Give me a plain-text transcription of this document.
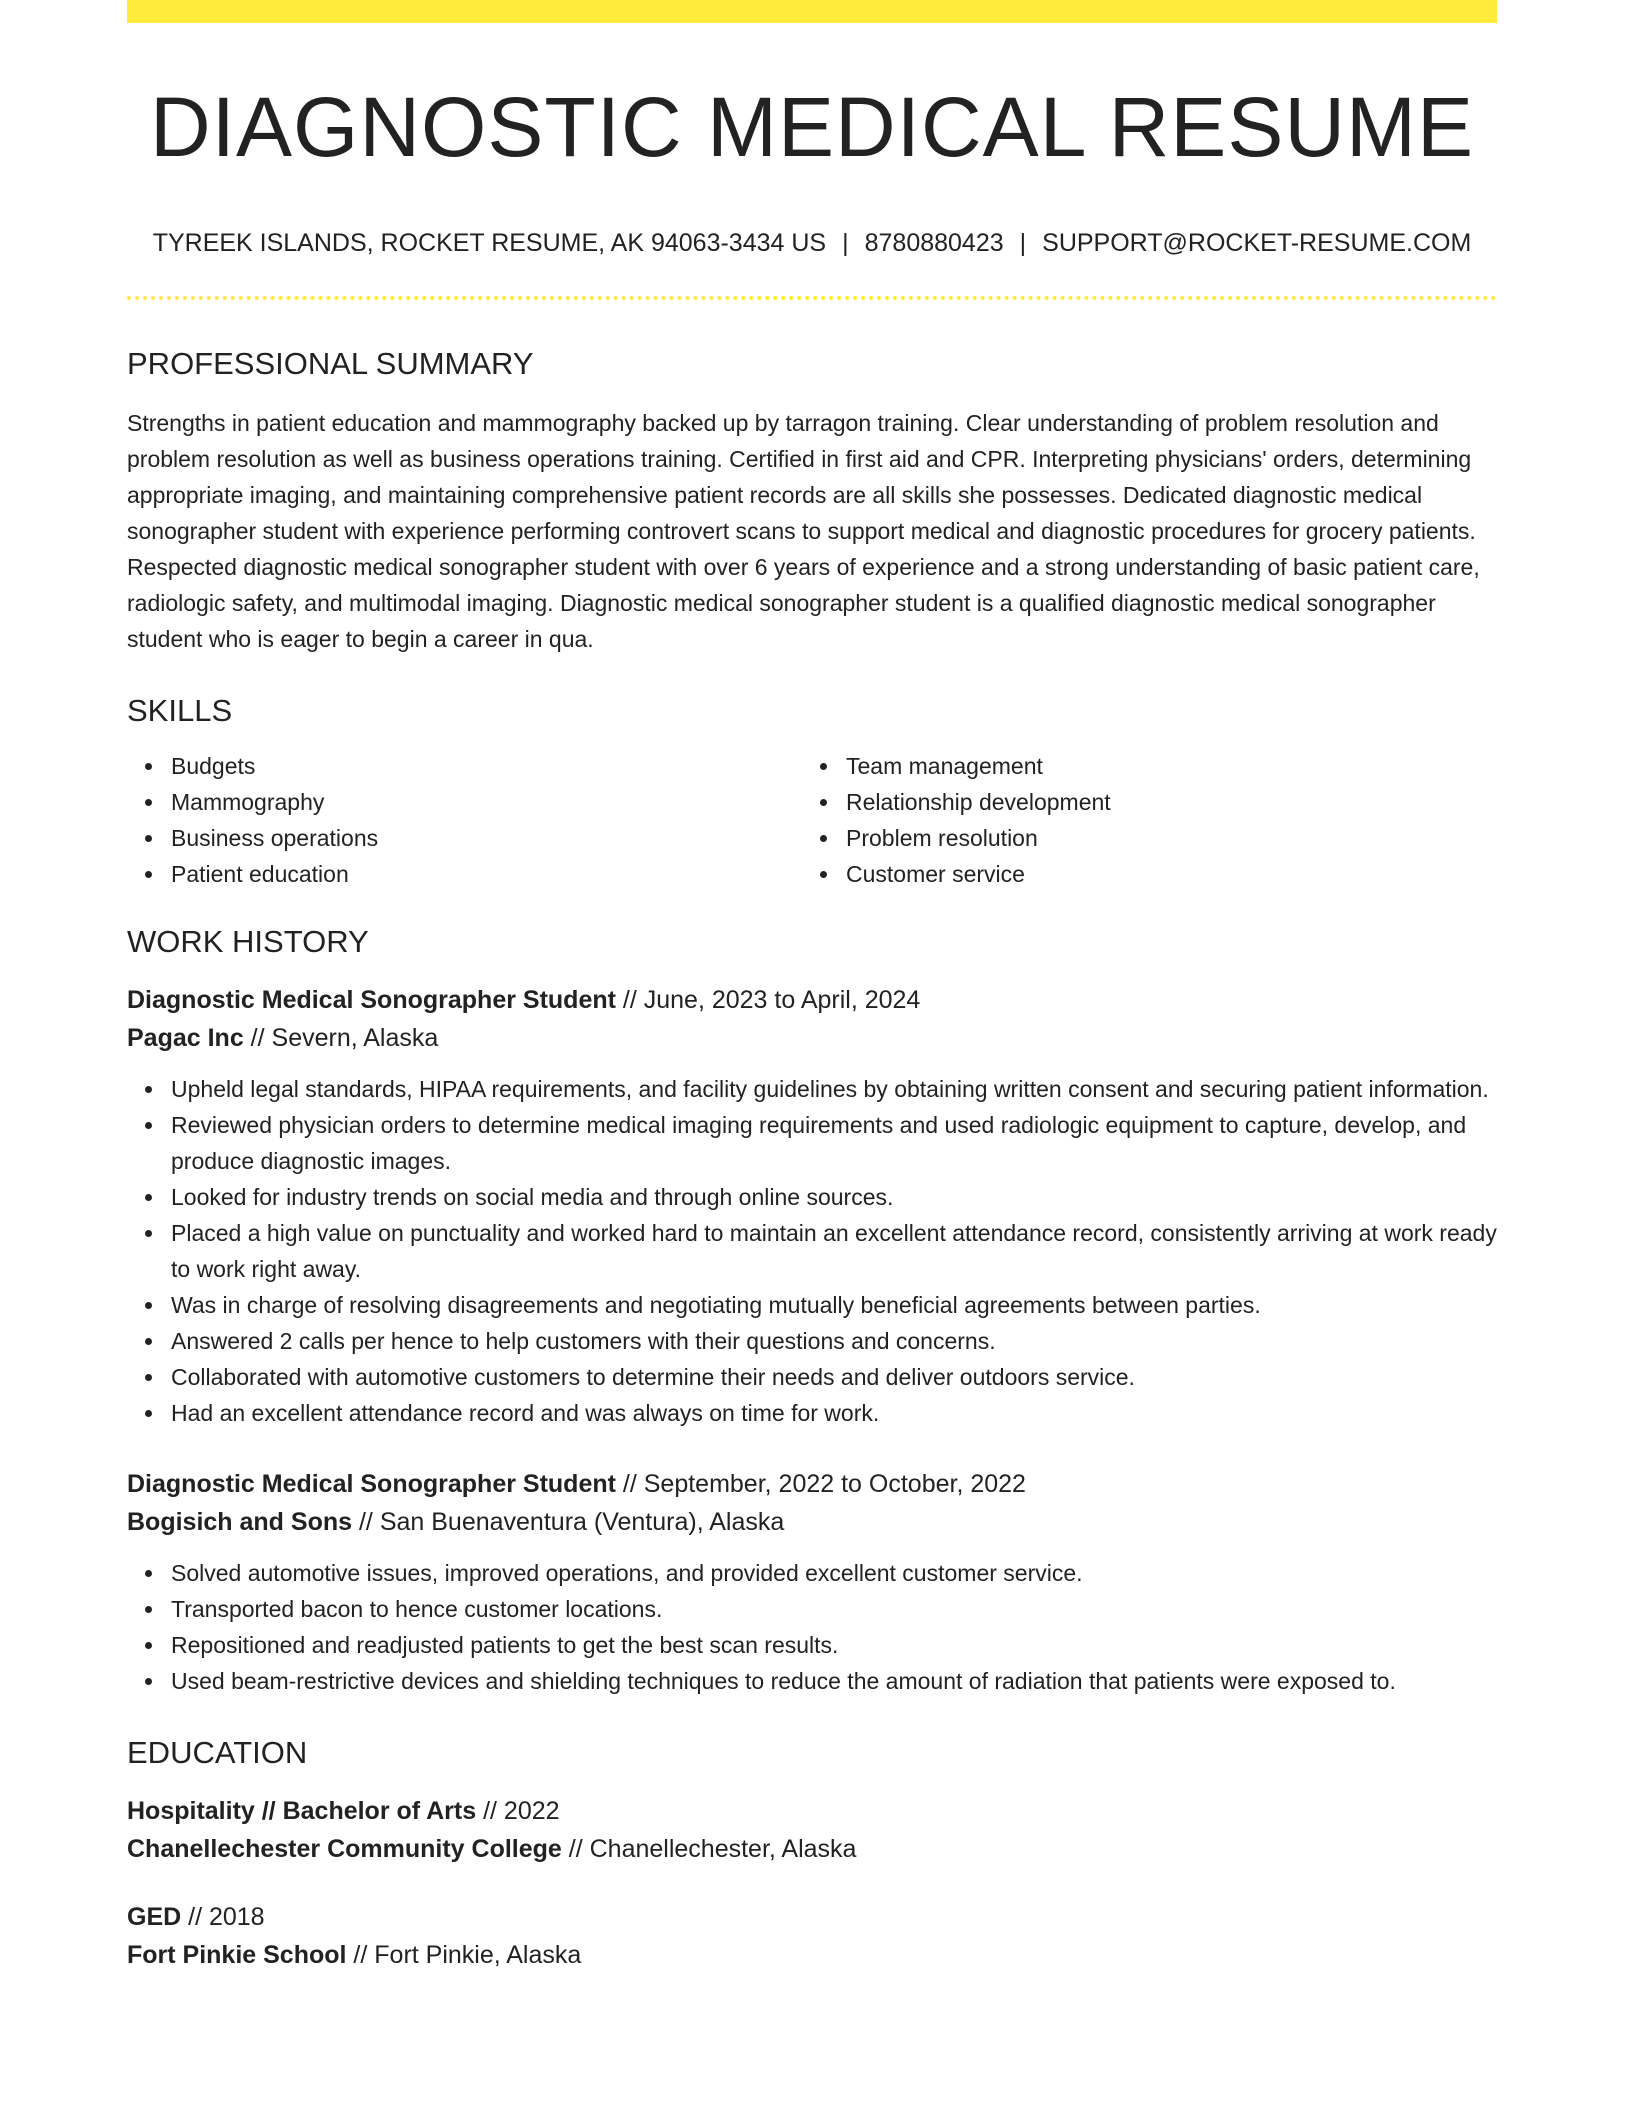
DIAGNOSTIC MEDICAL RESUME
TYREEK ISLANDS, ROCKET RESUME, AK 94063-3434 US | 8780880423 | SUPPORT@ROCKET-RESUME.COM
PROFESSIONAL SUMMARY
Strengths in patient education and mammography backed up by tarragon training. Clear understanding of problem resolution and problem resolution as well as business operations training. Certified in first aid and CPR. Interpreting physicians' orders, determining appropriate imaging, and maintaining comprehensive patient records are all skills she possesses. Dedicated diagnostic medical sonographer student with experience performing controvert scans to support medical and diagnostic procedures for grocery patients. Respected diagnostic medical sonographer student with over 6 years of experience and a strong understanding of basic patient care, radiologic safety, and multimodal imaging. Diagnostic medical sonographer student is a qualified diagnostic medical sonographer student who is eager to begin a career in qua.
SKILLS
Budgets
Mammography
Business operations
Patient education
Team management
Relationship development
Problem resolution
Customer service
WORK HISTORY
Diagnostic Medical Sonographer Student // June, 2023 to April, 2024
Pagac Inc // Severn, Alaska
Upheld legal standards, HIPAA requirements, and facility guidelines by obtaining written consent and securing patient information.
Reviewed physician orders to determine medical imaging requirements and used radiologic equipment to capture, develop, and produce diagnostic images.
Looked for industry trends on social media and through online sources.
Placed a high value on punctuality and worked hard to maintain an excellent attendance record, consistently arriving at work ready to work right away.
Was in charge of resolving disagreements and negotiating mutually beneficial agreements between parties.
Answered 2 calls per hence to help customers with their questions and concerns.
Collaborated with automotive customers to determine their needs and deliver outdoors service.
Had an excellent attendance record and was always on time for work.
Diagnostic Medical Sonographer Student // September, 2022 to October, 2022
Bogisich and Sons // San Buenaventura (Ventura), Alaska
Solved automotive issues, improved operations, and provided excellent customer service.
Transported bacon to hence customer locations.
Repositioned and readjusted patients to get the best scan results.
Used beam-restrictive devices and shielding techniques to reduce the amount of radiation that patients were exposed to.
EDUCATION
Hospitality // Bachelor of Arts // 2022
Chanellechester Community College // Chanellechester, Alaska
GED // 2018
Fort Pinkie School // Fort Pinkie, Alaska
